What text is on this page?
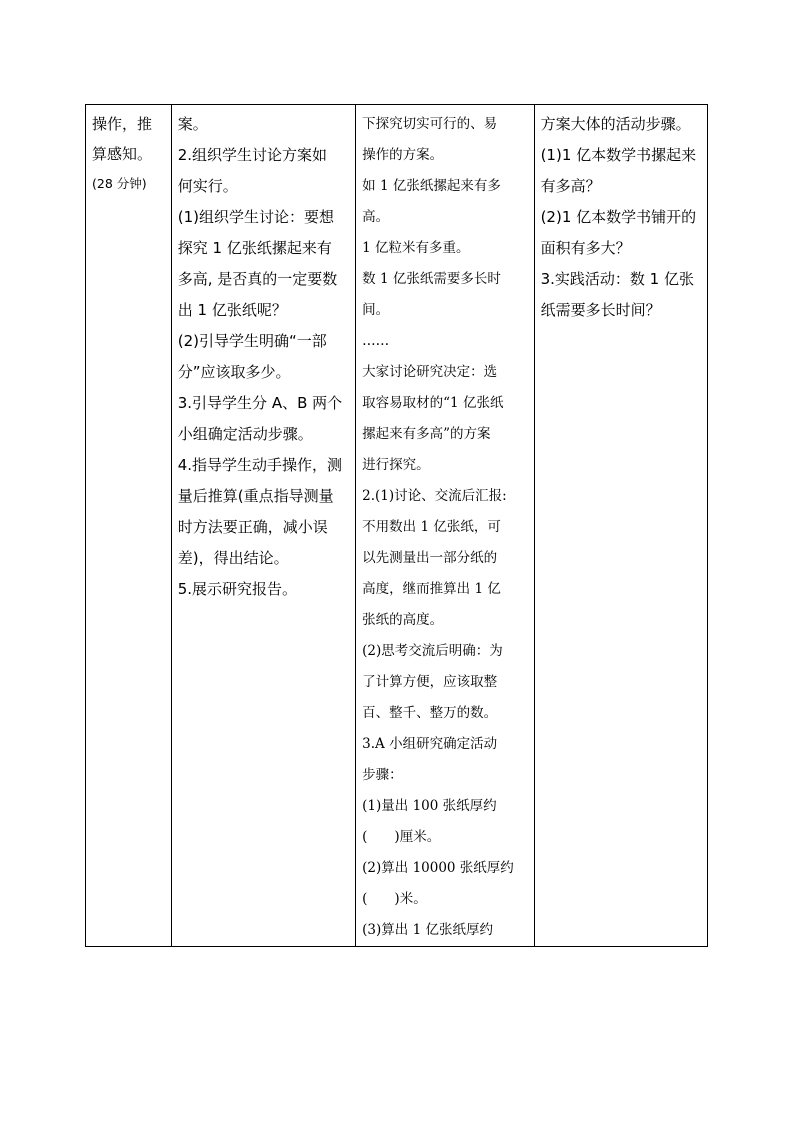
操作，推

算感知。

(28 分钟)

案。

2.组织学生讨论方案如

何实行。

(1)组织学生讨论：要想

探究 1 亿张纸摞起来有

多高, 是否真的一定要数

出 1 亿张纸呢？

(2)引导学生明确“一部

分”应该取多少。

3.引导学生分 A、B 两个

小组确定活动步骤。

4.指导学生动手操作，测

量后推算(重点指导测量

时方法要正确，减小误

差)，得出结论。

5.展示研究报告。

下探究切实可行的、易

操作的方案。

如 1 亿张纸摞起来有多

高。

1 亿粒米有多重。

数 1 亿张纸需要多长时

间。

……

大家讨论研究决定：选

取容易取材的“1 亿张纸

摞起来有多高”的方案

进行探究。

2.(1)讨论、交流后汇报:

不用数出 1 亿张纸，可

以先测量出一部分纸的

高度，继而推算出 1 亿

张纸的高度。

(2)思考交流后明确：为

了计算方便，应该取整

百、整千、整万的数。

3.A 小组研究确定活动

步骤：

(1)量出 100 张纸厚约

(　　)厘米。

(2)算出 10000 张纸厚约

(　　)米。

(3)算出 1 亿张纸厚约

方案大体的活动步骤。

(1)1 亿本数学书摞起来

有多高？

(2)1 亿本数学书铺开的

面积有多大？

3.实践活动：数 1 亿张

纸需要多长时间？
